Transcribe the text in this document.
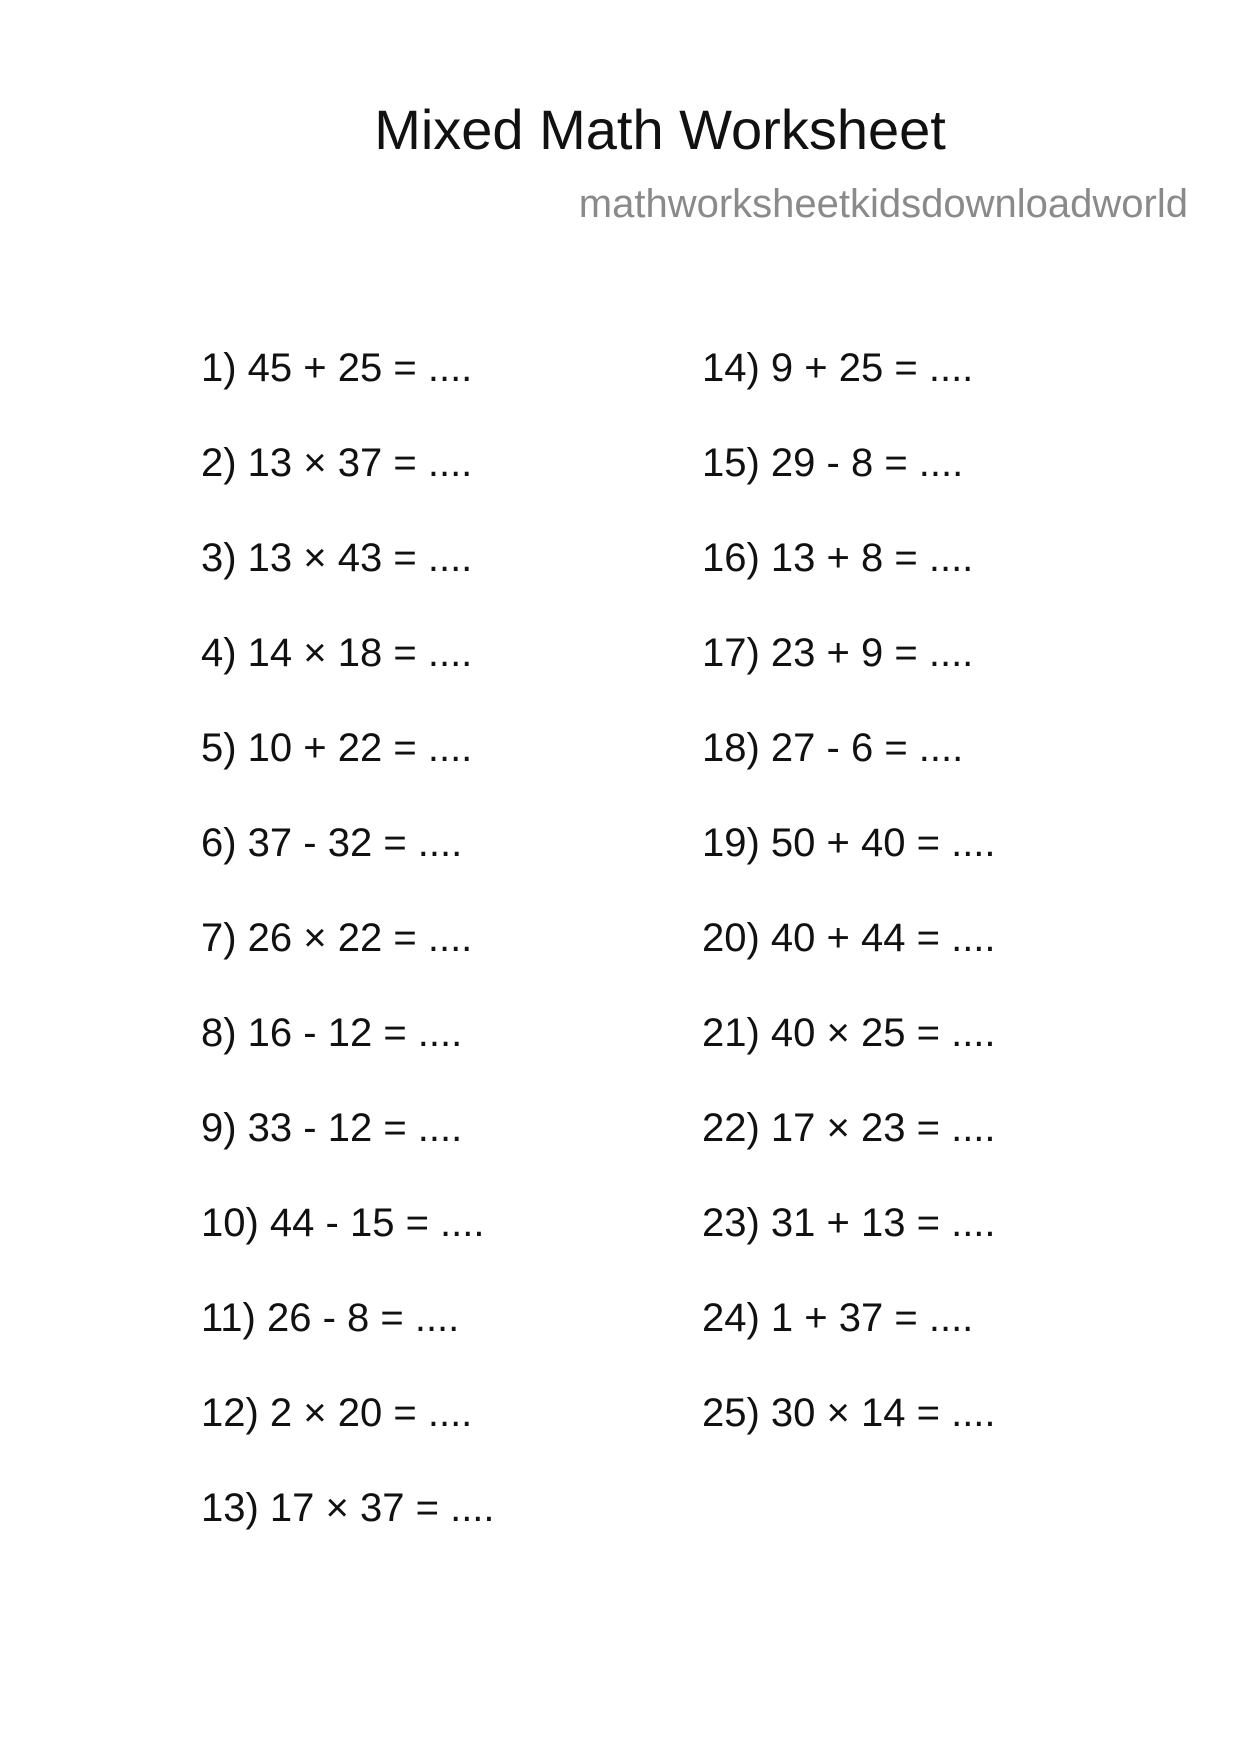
Mixed Math Worksheet
mathworksheetkidsdownloadworld
1) 45 + 25 = ....
2) 13 × 37 = ....
3) 13 × 43 = ....
4) 14 × 18 = ....
5) 10 + 22 = ....
6) 37 - 32 = ....
7) 26 × 22 = ....
8) 16 - 12 = ....
9) 33 - 12 = ....
10) 44 - 15 = ....
11) 26 - 8 = ....
12) 2 × 20 = ....
13) 17 × 37 = ....
14) 9 + 25 = ....
15) 29 - 8 = ....
16) 13 + 8 = ....
17) 23 + 9 = ....
18) 27 - 6 = ....
19) 50 + 40 = ....
20) 40 + 44 = ....
21) 40 × 25 = ....
22) 17 × 23 = ....
23) 31 + 13 = ....
24) 1 + 37 = ....
25) 30 × 14 = ....
